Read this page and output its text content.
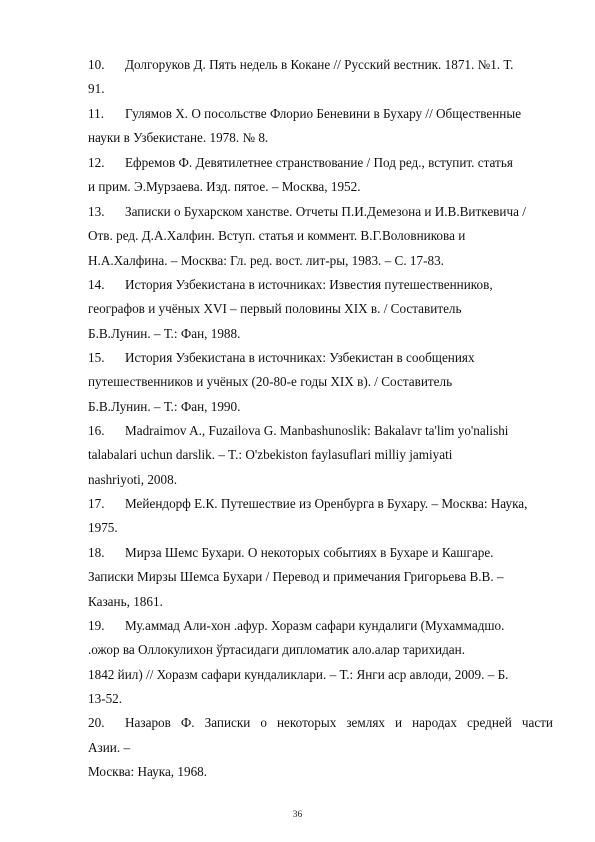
10. Долгоруков Д. Пять недель в Кокане // Русский вестник. 1871. №1. Т.
91.
11. Гулямов Х. О посольстве Флорио Беневини в Бухару // Общественные
науки в Узбекистане. 1978. № 8.
12. Ефремов Ф. Девятилетнее странствование / Под ред., вступит. статья
и прим. Э.Мурзаева. Изд. пятое. – Москва, 1952.
13. Записки о Бухарском ханстве. Отчеты П.И.Демезона и И.В.Виткевича /
Отв. ред. Д.А.Халфин. Вступ. статья и коммент. В.Г.Воловникова и
Н.А.Халфина. – Москва: Гл. ред. вост. лит-ры, 1983. – С. 17-83.
14. История Узбекистана в источниках: Известия путешественников,
географов и учёных XVI – первый половины XIX в. / Составитель
Б.В.Лунин. – Т.: Фан, 1988.
15. История Узбекистана в источниках: Узбекистан в сообщениях
путешественников и учёных (20-80-е годы XIX в). / Составитель
Б.В.Лунин. – Т.: Фан, 1990.
16. Madraimov A., Fuzailova G. Manbashunoslik: Bakalavr ta'lim yo'nalishi
talabalari uchun darslik. – T.: O'zbekiston faylasuflari milliy jamiyati
nashriyoti, 2008.
17. Мейендорф Е.К. Путешествие из Оренбурга в Бухару. – Москва: Наука,
1975.
18. Мирза Шемс Бухари. О некоторых событиях в Бухаре и Кашгаре.
Записки Мирзы Шемса Бухари / Перевод и примечания Григорьева В.В. –
Казань, 1861.
19. Му.аммад Али-хон .афур. Хоразм сафари кундалиги (Мухаммадшо.
.ожор ва Оллокулихон ўртасидаги дипломатик ало.алар тарихидан.
1842 йил) // Хоразм сафари кундаликлари. – Т.: Янги аср авлоди, 2009. – Б.
13-52.
20. Назаров Ф. Записки о некоторых землях и народах средней части
Азии. –
Москва: Наука, 1968.
36
